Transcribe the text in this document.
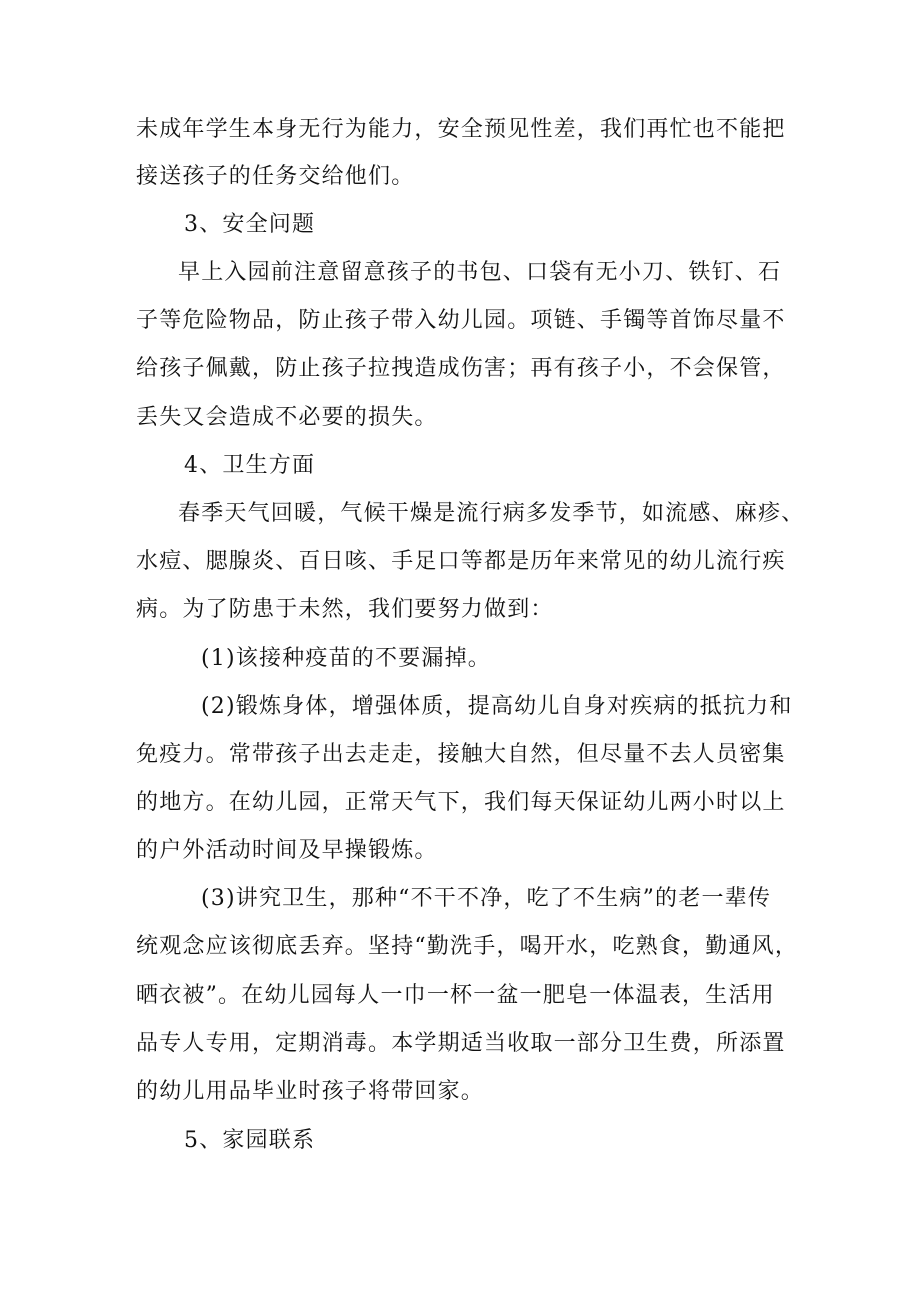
未成年学生本身无行为能力，安全预见性差，我们再忙也不能把
接送孩子的任务交给他们。
3、安全问题
早上入园前注意留意孩子的书包、口袋有无小刀、铁钉、石
子等危险物品，防止孩子带入幼儿园。项链、手镯等首饰尽量不
给孩子佩戴，防止孩子拉拽造成伤害；再有孩子小，不会保管，
丢失又会造成不必要的损失。
4、卫生方面
春季天气回暖，气候干燥是流行病多发季节，如流感、麻疹、
水痘、腮腺炎、百日咳、手足口等都是历年来常见的幼儿流行疾
病。为了防患于未然，我们要努力做到：
(1)该接种疫苗的不要漏掉。
(2)锻炼身体，增强体质，提高幼儿自身对疾病的抵抗力和
免疫力。常带孩子出去走走，接触大自然，但尽量不去人员密集
的地方。在幼儿园，正常天气下，我们每天保证幼儿两小时以上
的户外活动时间及早操锻炼。
(3)讲究卫生，那种“不干不净，吃了不生病”的老一辈传
统观念应该彻底丢弃。坚持“勤洗手，喝开水，吃熟食，勤通风，
晒衣被”。在幼儿园每人一巾一杯一盆一肥皂一体温表，生活用
品专人专用，定期消毒。本学期适当收取一部分卫生费，所添置
的幼儿用品毕业时孩子将带回家。
5、家园联系
